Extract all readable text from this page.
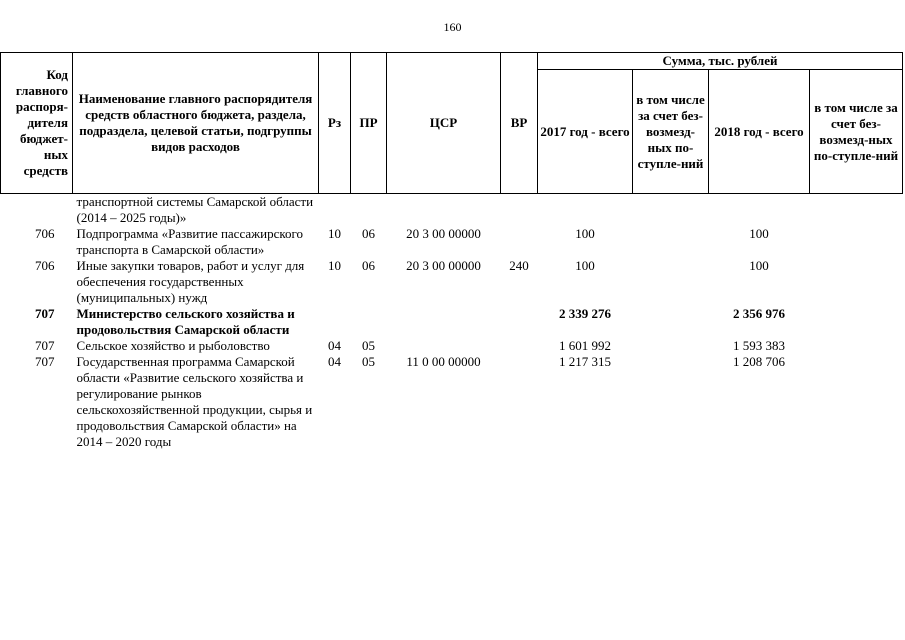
160
Код главного распоря-дителя бюджет-ных средств	Наименование главного распорядителя средств областного бюджета, раздела, подраздела, целевой статьи, подгруппы видов расходов	Рз	ПР	ЦСР	ВР	Сумма, тыс. рублей			
						2017 год - всего	в том числе за счет без-возмезд-ных по-ступле-ний	2018 год - всего	в том числе за счет без-возмезд-ных по-ступле-ний
	транспортной системы Самарской области (2014 – 2025 годы)»								
706	Подпрограмма «Развитие пассажирского транспорта в Самарской области»	10	06	20 3 00 00000		100		100	
706	Иные закупки товаров, работ и услуг для обеспечения государственных (муниципальных) нужд	10	06	20 3 00 00000	240	100		100	
707	Министерство сельского хозяйства и продовольствия Самарской области					2 339 276		2 356 976	
707	Сельское хозяйство и рыболовство	04	05			1 601 992		1 593 383	
707	Государственная программа Самарской области «Развитие сельского хозяйства и регулирование рынков сельскохозяйственной продукции, сырья и продовольствия Самарской области» на 2014 – 2020 годы	04	05	11 0 00 00000		1 217 315		1 208 706	
